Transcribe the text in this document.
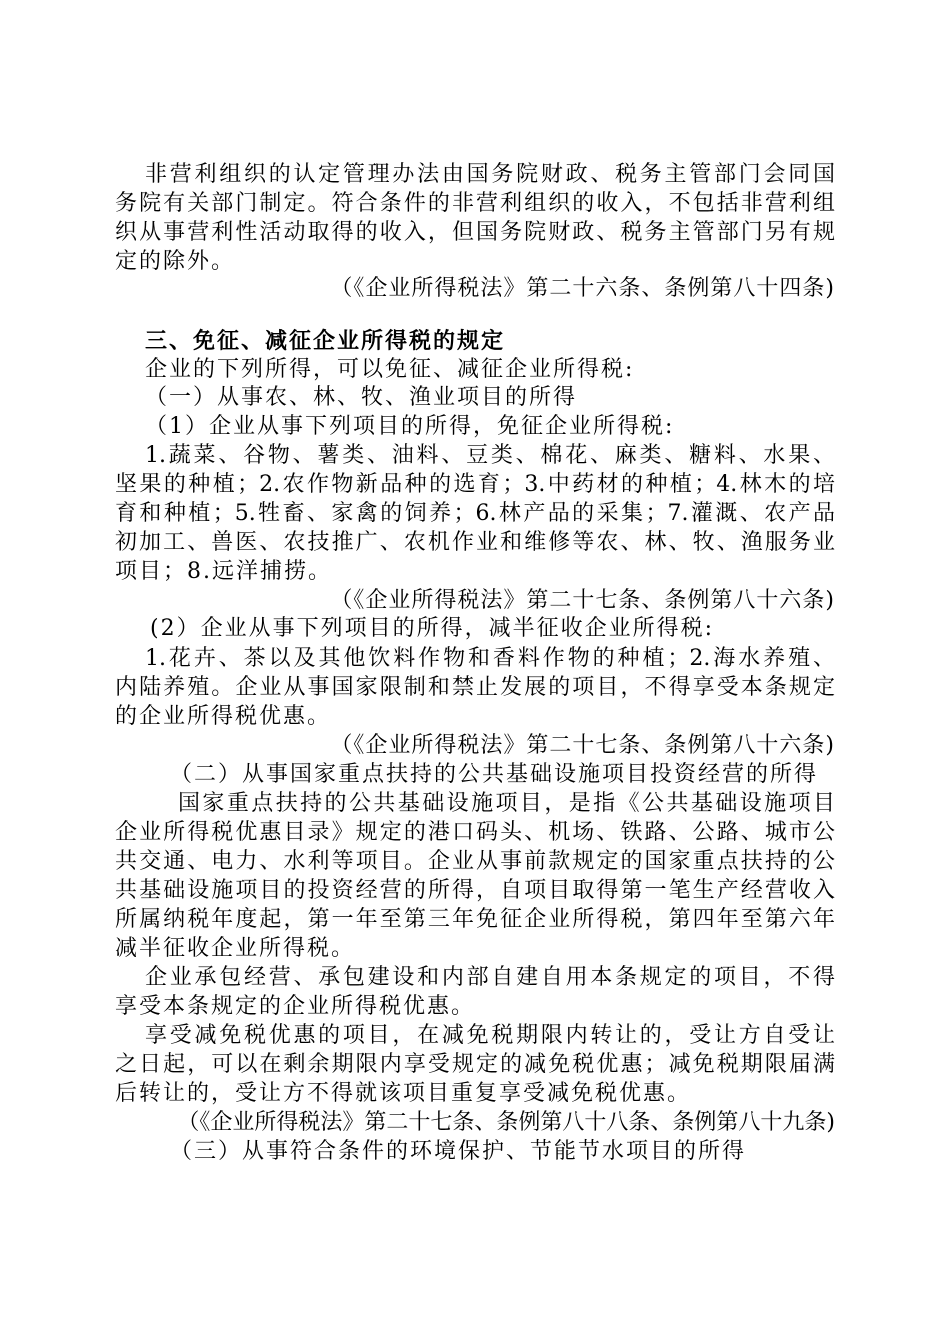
非营利组织的认定管理办法由国务院财政、税务主管部门会同国
务院有关部门制定。符合条件的非营利组织的收入，不包括非营利组
织从事营利性活动取得的收入，但国务院财政、税务主管部门另有规
定的除外。
（《企业所得税法》第二十六条、条例第八十四条)
三、免征、减征企业所得税的规定
企业的下列所得，可以免征、减征企业所得税:
（一）从事农、林、牧、渔业项目的所得
（1）企业从事下列项目的所得，免征企业所得税:
1.蔬菜、谷物、薯类、油料、豆类、棉花、麻类、糖料、水果、
坚果的种植；2.农作物新品种的选育；3.中药材的种植；4.林木的培
育和种植；5.牲畜、家禽的饲养；6.林产品的采集；7.灌溉、农产品
初加工、兽医、农技推广、农机作业和维修等农、林、牧、渔服务业
项目；8.远洋捕捞。
（《企业所得税法》第二十七条、条例第八十六条)
(2）企业从事下列项目的所得，减半征收企业所得税:
1.花卉、茶以及其他饮料作物和香料作物的种植；2.海水养殖、
内陆养殖。企业从事国家限制和禁止发展的项目，不得享受本条规定
的企业所得税优惠。
（《企业所得税法》第二十七条、条例第八十六条)
（二）从事国家重点扶持的公共基础设施项目投资经营的所得
国家重点扶持的公共基础设施项目，是指《公共基础设施项目
企业所得税优惠目录》规定的港口码头、机场、铁路、公路、城市公
共交通、电力、水利等项目。企业从事前款规定的国家重点扶持的公
共基础设施项目的投资经营的所得，自项目取得第一笔生产经营收入
所属纳税年度起，第一年至第三年免征企业所得税，第四年至第六年
减半征收企业所得税。
企业承包经营、承包建设和内部自建自用本条规定的项目，不得
享受本条规定的企业所得税优惠。
享受减免税优惠的项目，在减免税期限内转让的，受让方自受让
之日起，可以在剩余期限内享受规定的减免税优惠；减免税期限届满
后转让的，受让方不得就该项目重复享受减免税优惠。
（《企业所得税法》第二十七条、条例第八十八条、条例第八十九条)
（三）从事符合条件的环境保护、节能节水项目的所得
